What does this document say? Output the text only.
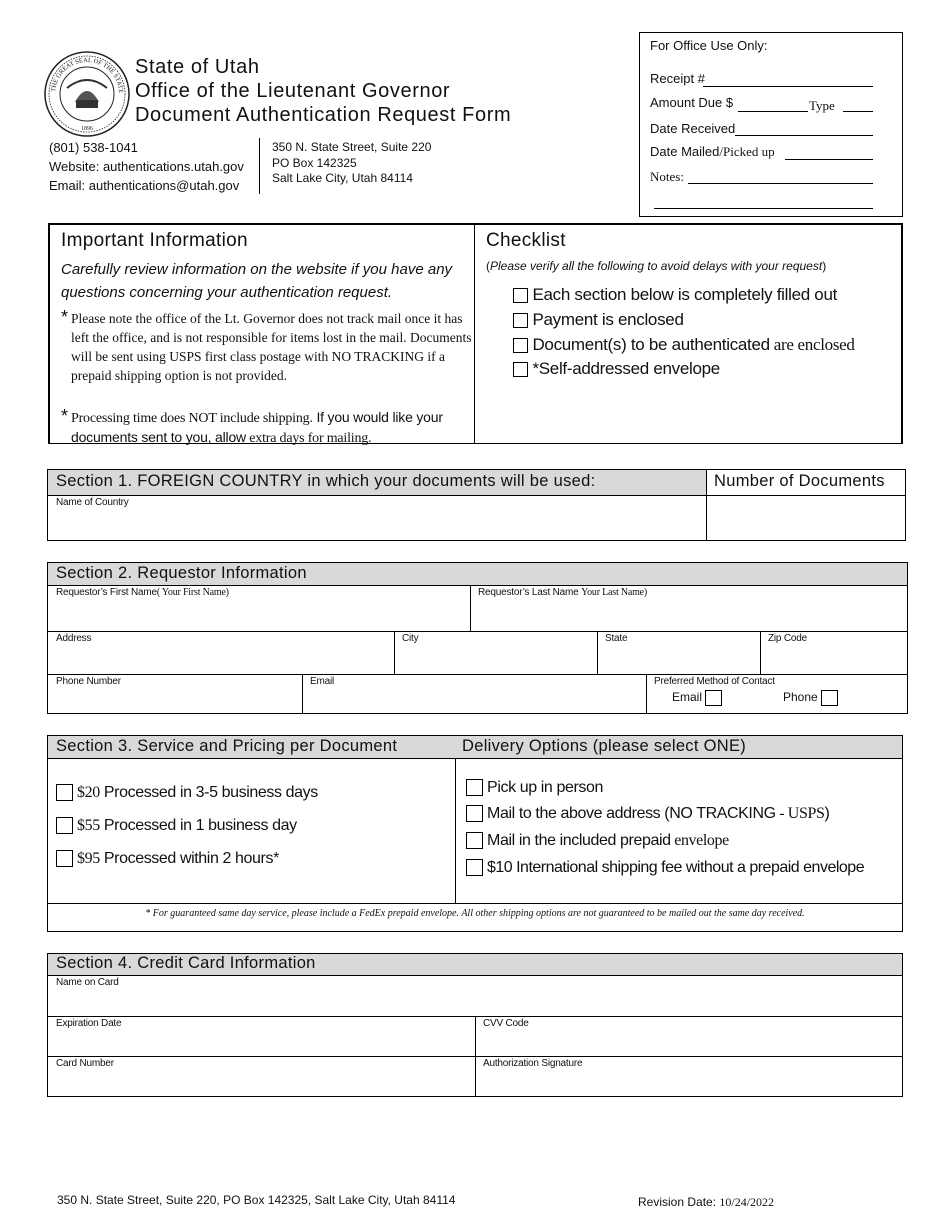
THE GREAT SEAL OF THE STATE
1896
State of Utah
Office of the Lieutenant Governor
Document Authentication Request Form
(801) 538-1041
Website: authentications.utah.gov
Email: authentications@utah.gov
350 N. State Street, Suite 220
PO Box 142325
Salt Lake City, Utah 84114
For Office Use Only:
Receipt #
Amount Due $	Type
Date Received
Date Mailed/Picked up
Notes:
Important Information
Carefully review information on the website if you have any questions concerning your authentication request.
* Please note the office of the Lt. Governor does not track mail once it has left the office, and is not responsible for items lost in the mail. Documents will be sent using USPS first class postage with NO TRACKING if a prepaid shipping option is not provided.
* Processing time does NOT include shipping. If you would like your documents sent to you, allow extra days for mailing.
Checklist
(Please verify all the following to avoid delays with your request)
Each section below is completely filled out
Payment is enclosed
Document(s) to be authenticated are enclosed
*Self-addressed envelope
Section 1. FOREIGN COUNTRY in which your documents will be used:	Number of Documents
Name of Country
Section 2. Requestor Information
Requestor’s First Name( Your First Name)	Requestor’s Last Name Your Last Name)
Address	City	State	Zip Code
Phone Number	Email	Preferred Method of Contact
Email	Phone
Section 3. Service and Pricing per Document	Delivery Options (please select ONE)
$20 Processed in 3-5 business days
$55 Processed in 1 business day
$95 Processed within 2 hours*
Pick up in person
Mail to the above address (NO TRACKING - USPS)
Mail in the included prepaid envelope
$10 International shipping fee without a prepaid envelope
* For guaranteed same day service, please include a FedEx prepaid envelope. All other shipping options are not guaranteed to be mailed out the same day received.
Section 4. Credit Card Information
Name on Card
Expiration Date	CVV Code
Card Number	Authorization Signature
350 N. State Street, Suite 220, PO Box 142325, Salt Lake City, Utah 84114	Revision Date: 10/24/2022
